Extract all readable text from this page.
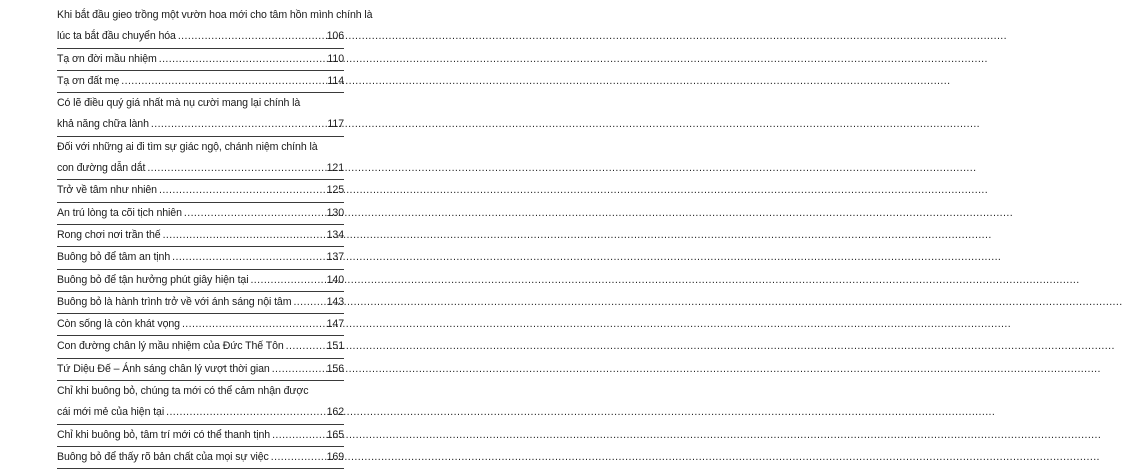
Khi bắt đầu gieo trồng một vườn hoa mới cho tâm hồn mình chính là
lúc ta bắt đầu chuyển hóa .....	106
Tạ ơn đời mầu nhiệm .....	110
Tạ ơn đất mẹ .....	114
Có lẽ điều quý giá nhất mà nụ cười mang lại chính là
khả năng chữa lành .....	117
Đối với những ai đi tìm sự giác ngộ, chánh niệm chính là
con đường dẫn dắt .....	121
Trở về tâm như nhiên .....	125
An trú lòng ta cõi tịch nhiên .....	130
Rong chơi nơi trần thế .....	134
Buông bỏ để tâm an tịnh .....	137
Buông bỏ để tận hưởng phút giây hiện tại .....	140
Buông bỏ là hành trình trở về với ánh sáng nội tâm .....	143
Còn sống là còn khát vọng .....	147
Con đường chân lý mầu nhiệm của Đức Thế Tôn .....	151
Tứ Diệu Đế – Ánh sáng chân lý vượt thời gian .....	156
Chỉ khi buông bỏ, chúng ta mới có thể cảm nhận được
cái mới mẻ của hiện tại .....	162
Chỉ khi buông bỏ, tâm trí mới có thể thanh tịnh .....	165
Buông bỏ để thấy rõ bản chất của mọi sự việc .....	169
